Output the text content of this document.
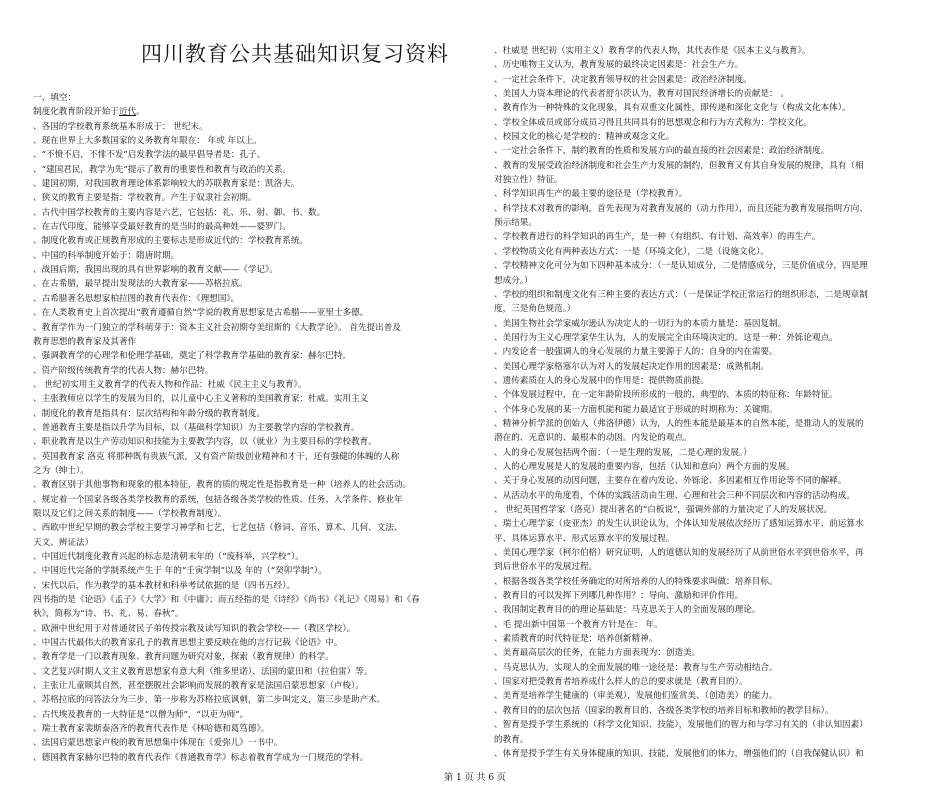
四川教育公共基础知识复习资料
一、填空：
制度化教育阶段开始于近代。
、各国的学校教育系统基本形成于： 世纪末。
、现在世界上大多数国家的义务教育年限在： 年或 年以上。
、“不愤不启，不悱不发”启发教学法的最早倡导者是：孔子。
、“建国君民，教学为先”提示了教育的重要性和教育与政治的关系。
、建国初期，对我国教育理论体系影响较大的苏联教育家是：凯洛夫。
、狭义的教育主要是指：学校教育。产生于奴隶社会初期。
、古代中国学校教育的主要内容是六艺，它包括：礼、乐、射、御、书、数。
、在古代印度，能够享受最好教育的是当时的最高种姓——婆罗门。
、制度化教育或正规教育形成的主要标志是形成近代的：学校教育系统。
、中国的科举制度开始于：隋唐时期。
、战国后期，我国出现的具有世界影响的教育文献——《学记》。
、在古希腊，最早提出发现法的大教育家——苏格拉底。
、古希腊著名思想家柏拉图的教育代表作：《理想国》。
、在人类教育史上首次提出“教育遵循自然”学说的教育思想家是古希腊——亚里士多德。
、教育学作为一门独立的学科萌芽于：资本主义社会初期夸美纽斯的《大教学论》。 首先提出普及
教育思想的教育家及其著作
、强调教育学的心理学和伦理学基础，奠定了科学教育学基础的教育家：赫尔巴特。
、资产阶级传统教育学的代表人物：赫尔巴特。
、 世纪初实用主义教育学的代表人物和作品：杜威《民主主义与教育》。
、主张教师应以学生的发展为目的，以儿童中心主义著称的美国教育家：杜威。实用主义
、制度化的教育是指具有：层次结构和年龄分级的教育制度。
、普通教育主要是指以升学为目标，以（基础科学知识）为主要教学内容的学校教育。
、职业教育是以生产劳动知识和技能为主要教学内容，以（就业）为主要目标的学校教育。
、英国教育家 洛克 将那种既有贵族气派，又有资产阶级创业精神和才干，还有强健的体魄的人称
之为（绅士）。
、教育区别于其他事物和现象的根本特征，教育的质的规定性是指教育是一种（培养人的社会活动。
、规定着一个国家各级各类学校教育的系统，包括各级各类学校的性质、任务、入学条件、修业年
限以及它们之间关系的制度——（学校教育制度）。
、西欧中世纪早期的教会学校主要学习神学和七艺，七艺包括（修词、音乐、算术、几何、文法、
天文、辨证法）
、中国近代制度化教育兴起的标志是清朝末年的（“废科举，兴学校”）。
、中国近代完备的学制系统产生于 年的“壬寅学制”以及 年的（“癸卯学制”）。
、宋代以后，作为教学的基本教材和科举考试依据的是（四书五经）。
四书指的是《论语》《孟子》《大学》和《中庸》；而五经指的是《诗经》《尚书》《礼记》《周易》和《春
秋》，简称为“诗、书、礼、易、春秋”。
、欧洲中世纪用于对普通贫民子弟传授宗教及读写知识的教会学校——（教区学校）。
、中国古代最伟大的教育家孔子的教育思想主要反映在他的言行记载《论语》中。
、教育学是一门以教育现象、教育问题为研究对象，探索（教育规律）的科学。
、文艺复兴时期人文主义教育思想家有意大利（维多里诺）、法国的蒙田和（拉伯雷）等。
、主张让儿童顺其自然，甚至摆脱社会影响而发展的教育家是法国启蒙思想家（卢梭）。
、苏格拉底的问答法分为三步，第一步称为苏格拉底讽刺，第二步叫定义，第三步是助产术。
、古代埃及教育的一大特征是“以僧为师”，“以吏为师”。
、瑞士教育家裴斯泰洛齐的教育代表作是《林哈德和葛笃德》。
、法国启蒙思想家卢梭的教育思想集中体现在《爱弥儿》一书中。
、德国教育家赫尔巴特的教育代表作《普通教育学》标志着教育学成为一门规范的学科。
、杜威是 世纪初（实用主义）教育学的代表人物，其代表作是《民本主义与教育》。
、历史唯物主义认为，教育发展的最终决定因素是：社会生产力。
、一定社会条件下，决定教育领导权的社会因素是：政治经济制度。
、美国人力资本理论的代表者舒尔茨认为，教育对国民经济增长的贡献是： 。
、教育作为一种特殊的文化现象，具有双重文化属性，即传递和深化文化与（构成文化本体）。
、学校全体成员或部分成员习得且共同具有的思想观念和行为方式称为：学校文化。
、校园文化的核心是学校的：精神或观念文化。
、一定社会条件下，制约教育的性质和发展方向的最直接的社会因素是：政治经济制度。
、教育的发展受政治经济制度和社会生产力发展的制约，但教育又有其自身发展的规律，具有（相
对独立性）特征。
、科学知识再生产的最主要的途径是（学校教育）。
、科学技术对教育的影响，首先表现为对教育发展的（动力作用），而且还能为教育发展指明方向、
预示结果。
、学校教育进行的科学知识的再生产，是一种（有组织、有计划、高效率）的再生产。
、学校物质文化有两种表达方式：一是（环境文化），二是（设施文化）。
、学校精神文化可分为如下四种基本成分：（一是认知成分，二是情感成分，三是价值成分，四是理
想成分。）
、学校的组织和制度文化有三种主要的表达方式：（一是保证学校正常运行的组织形态，二是规章制
度，三是角色规范。）
、美国生物社会学家威尔逊认为决定人的一切行为的本质力量是：基因复制。
、美国行为主义心理学家华生认为，人的发展完全由环境决定的。这是一种：外铄论观点。
、内发论者一般强调人的身心发展的力量主要源于人的：自身的内在需要。
、美国心理学家格塞尔认为对人的发展起决定作用的因素是：成熟机制。
、遗传素质在人的身心发展中的作用是：提供物质前提。
、个体发展过程中，在一定年龄阶段所形成的一般的、典型的、本质的特征称：年龄特征。
、个体身心发展的某一方面机能和能力最适宜于形成的时期称为：关键期。
、精神分析学派的创始人（弗洛伊德）认为，人的性本能是最基本的自然本能，是推动人的发展的
潜在的、无意识的、最根本的动因。内发论的观点。
、人的身心发展包括两个面：（一是生理的发展，二是心理的发展。）
、人的心理发展是人的发展的重要内容，包括（认知和意向）两个方面的发展。
、关于身心发展的动因问题，主要存在着内发论、外铄论、多因素相互作用论等不同的解释。
、从活动水平的角度看，个体的实践活动由生理、心理和社会三种不同层次和内容的活动构成。
、 世纪英国哲学家（洛克）提出著名的“白板说”，强调外部的力量决定了人的发展状况。
、瑞士心理学家（皮亚杰）的发生认识论认为，个体认知发展依次经历了感知运算水平、前运算水
平、具体运算水平、形式运算水平的发展过程。
、美国心理学家（柯尔伯格）研究证明，人的道德认知的发展经历了从前世俗水平到世俗水平，再
到后世俗水平的发展过程。
、根据各级各类学校任务确定的对所培养的人的特殊要求叫做：培养目标。
、教育目的可以发挥下列哪几种作用？：导向、激励和评价作用。
、我国制定教育目的的理论基础是：马克思关于人的全面发展的理论。
、毛 提出新中国第一个教育方针是在： 年。
、素质教育的时代特征是：培养创新精神。
、美育最高层次的任务，在能力方面表现为：创造美。
、马克思认为，实现人的全面发展的唯一途径是：教育与生产劳动相结合。
、国家对把受教育者培养成什么样人的总的要求就是（教育目的）。
、美育是培养学生健康的（审美观），发展他们鉴赏美、（创造美）的能力。
、教育目的的层次包括（国家的教育目的、各级各类学校的培养目标和教师的教学目标）。
、智育是授予学生系统的（科学文化知识、技能），发展他们的智力和与学习有关的（非认知因素）
的教育。
、体育是授予学生有关身体健康的知识、技能，发展他们的体力，增强他们的（自我保健认识）和
第 1 页 共 6 页
